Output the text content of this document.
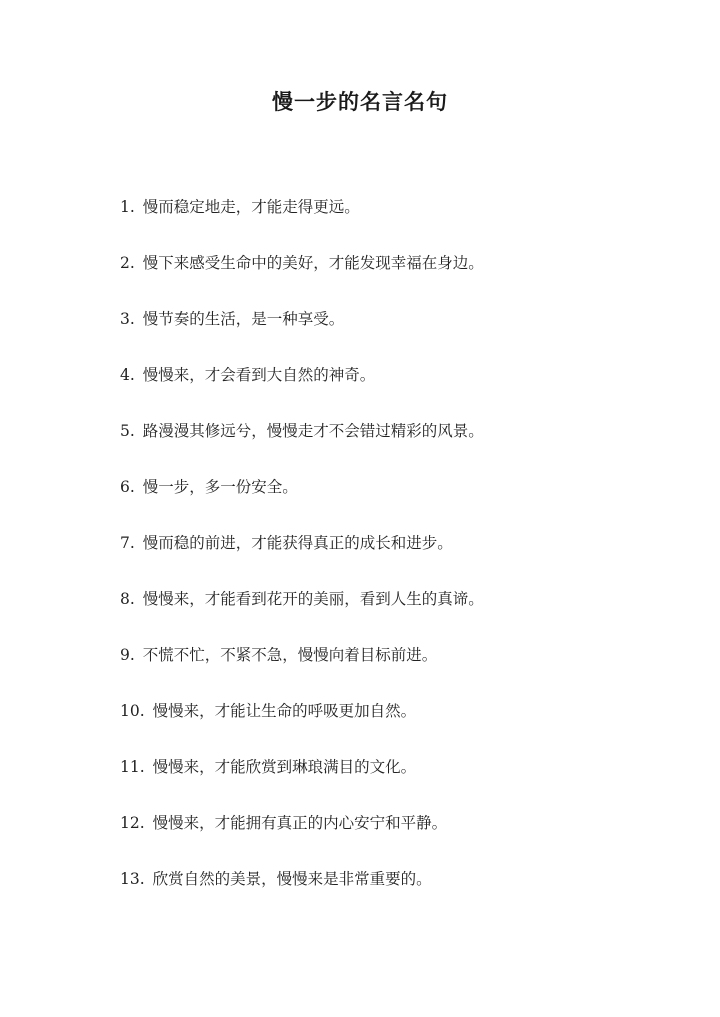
慢一步的名言名句
1. 慢而稳定地走，才能走得更远。
2. 慢下来感受生命中的美好，才能发现幸福在身边。
3. 慢节奏的生活，是一种享受。
4. 慢慢来，才会看到大自然的神奇。
5. 路漫漫其修远兮，慢慢走才不会错过精彩的风景。
6. 慢一步，多一份安全。
7. 慢而稳的前进，才能获得真正的成长和进步。
8. 慢慢来，才能看到花开的美丽，看到人生的真谛。
9. 不慌不忙，不紧不急，慢慢向着目标前进。
10. 慢慢来，才能让生命的呼吸更加自然。
11. 慢慢来，才能欣赏到琳琅满目的文化。
12. 慢慢来，才能拥有真正的内心安宁和平静。
13. 欣赏自然的美景，慢慢来是非常重要的。
